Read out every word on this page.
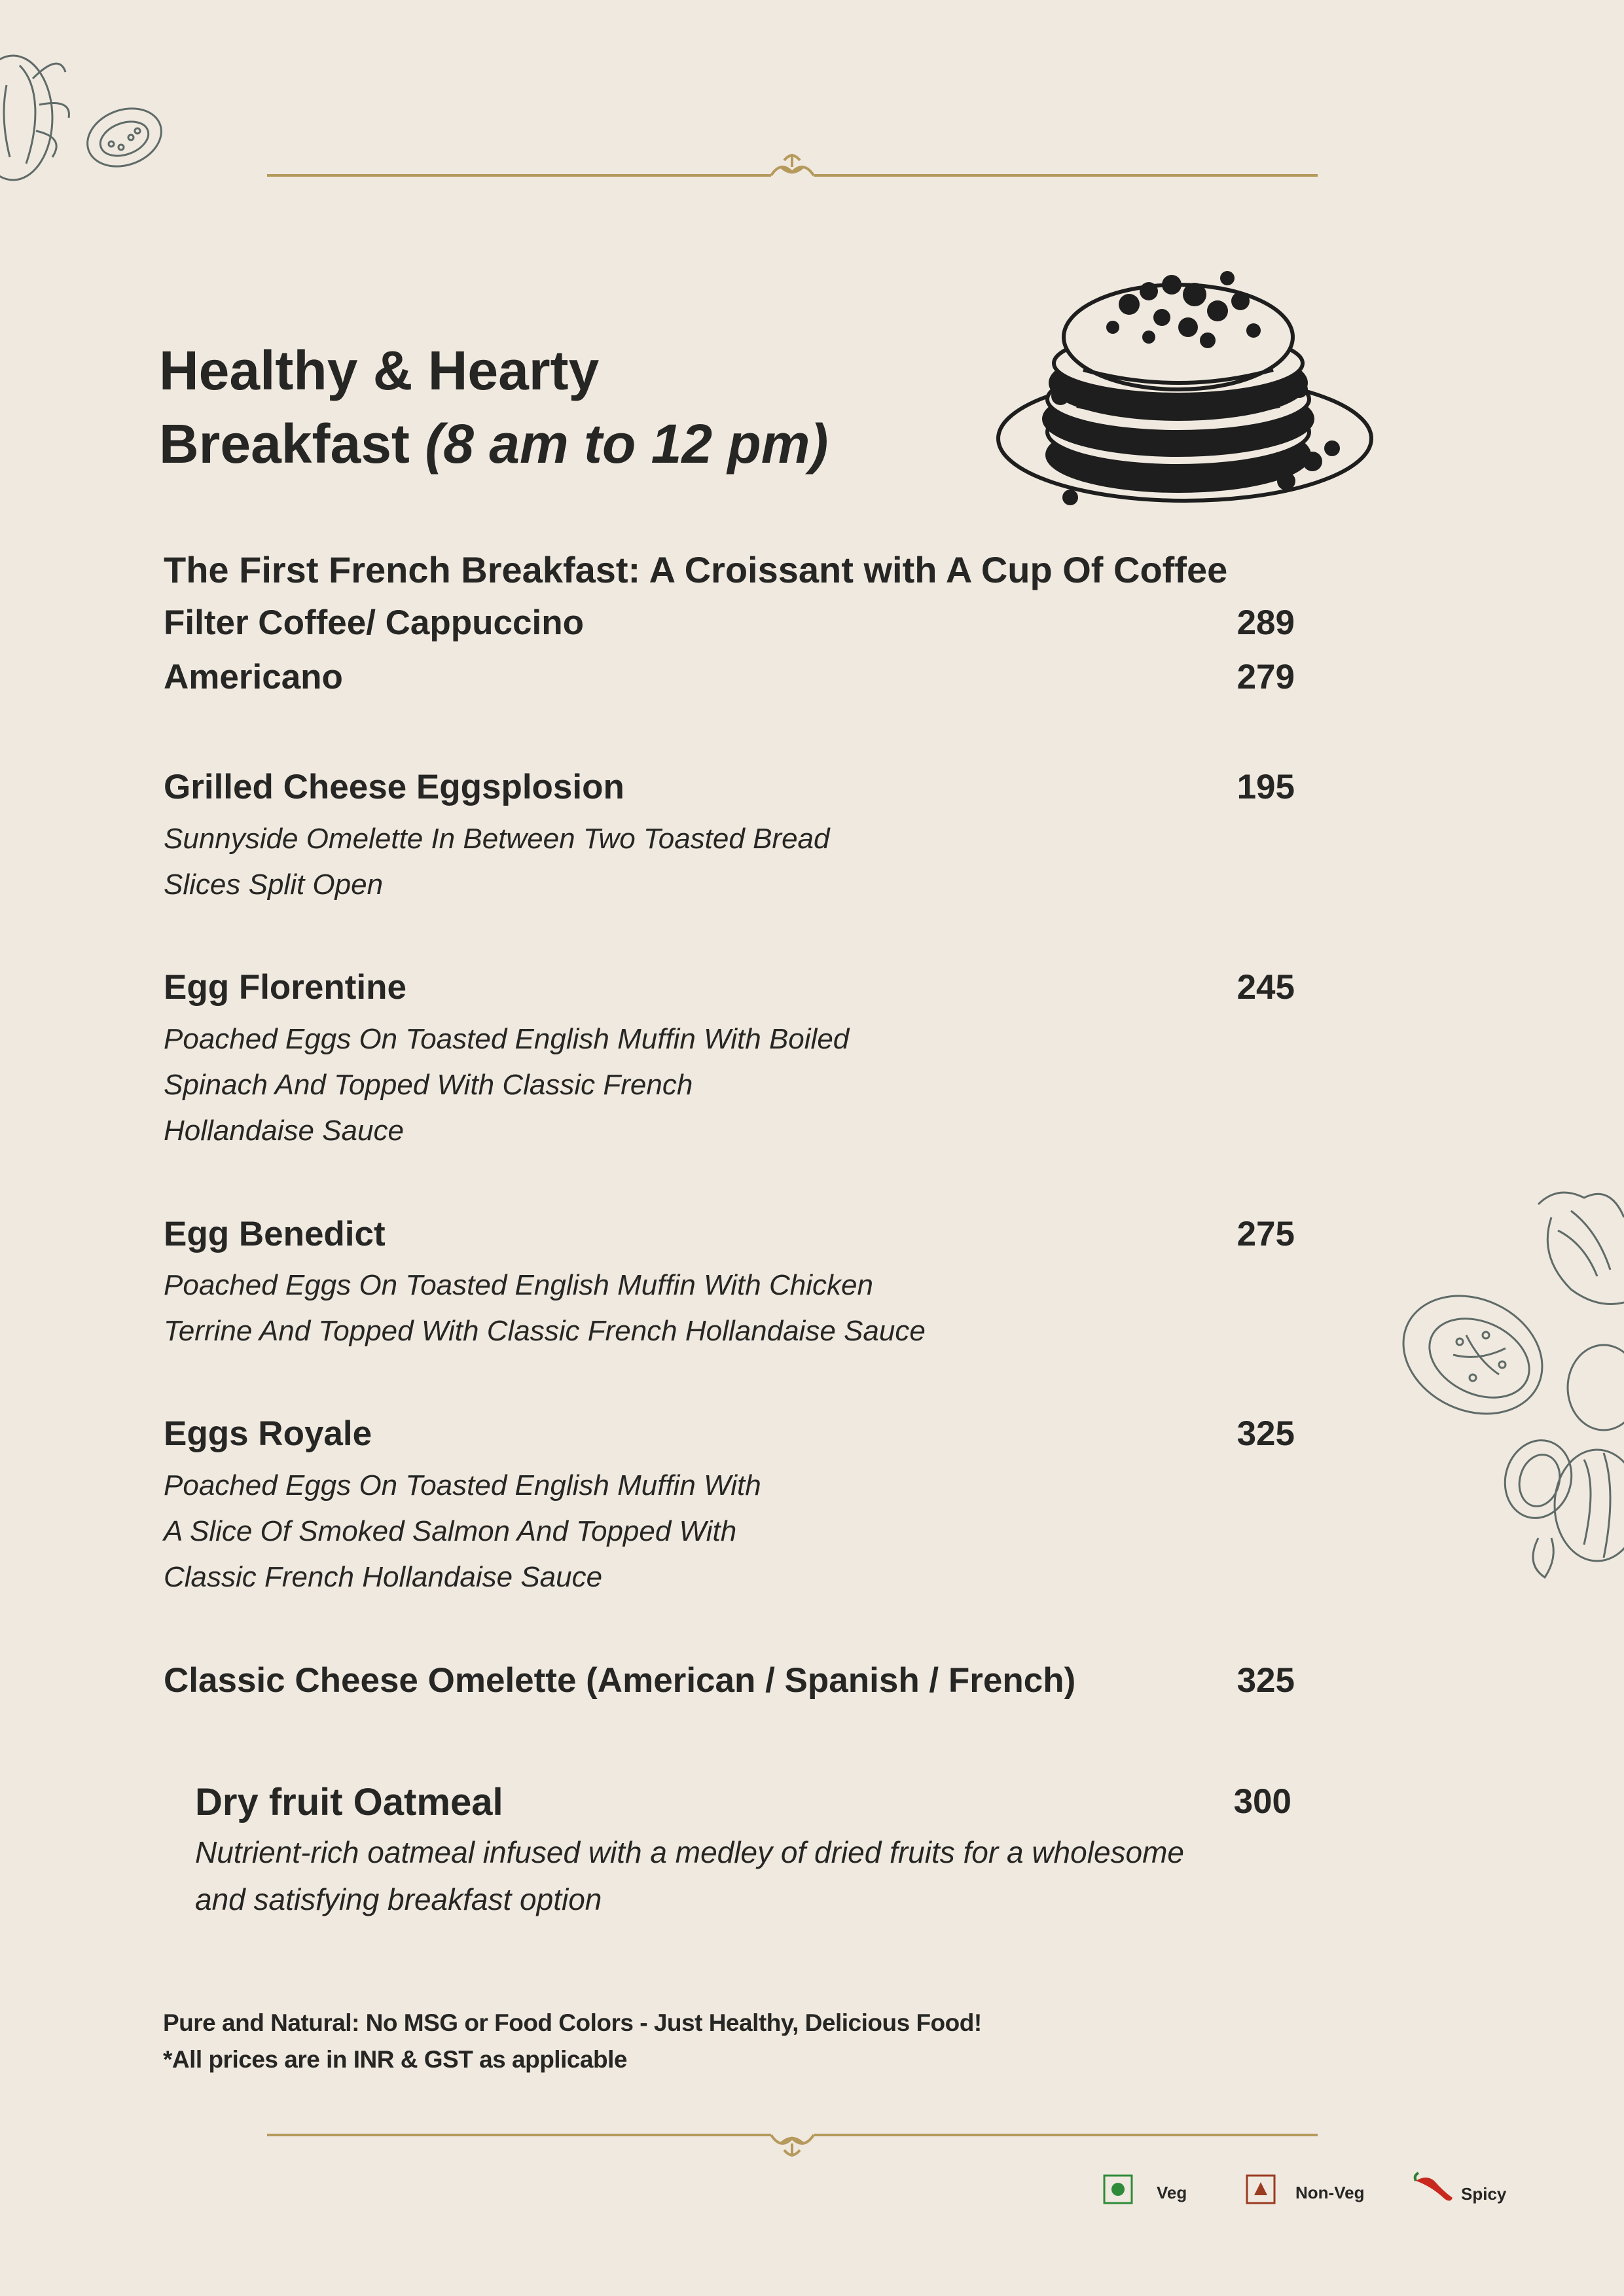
Healthy & Hearty
Breakfast (8 am to 12 pm)
The First French Breakfast: A Croissant with A Cup Of Coffee
Filter Coffee/ Cappuccino	289
Americano	279
Grilled Cheese Eggsplosion	195
Sunnyside Omelette In Between Two Toasted Bread
Slices Split Open
Egg Florentine	245
Poached Eggs On Toasted English Muffin With Boiled
Spinach And Topped With Classic French
Hollandaise Sauce
Egg Benedict	275
Poached Eggs On Toasted English Muffin With Chicken
Terrine And Topped With Classic French Hollandaise Sauce
Eggs Royale	325
Poached Eggs On Toasted English Muffin With
A Slice Of Smoked Salmon And Topped With
Classic French Hollandaise Sauce
Classic Cheese Omelette (American / Spanish / French)	325
Dry fruit Oatmeal	300
Nutrient-rich oatmeal infused with a medley of dried fruits for a wholesome
and satisfying breakfast option
Pure and Natural: No MSG or Food Colors - Just Healthy, Delicious Food!
*All prices are in INR & GST as applicable
Veg	Non-Veg	Spicy
